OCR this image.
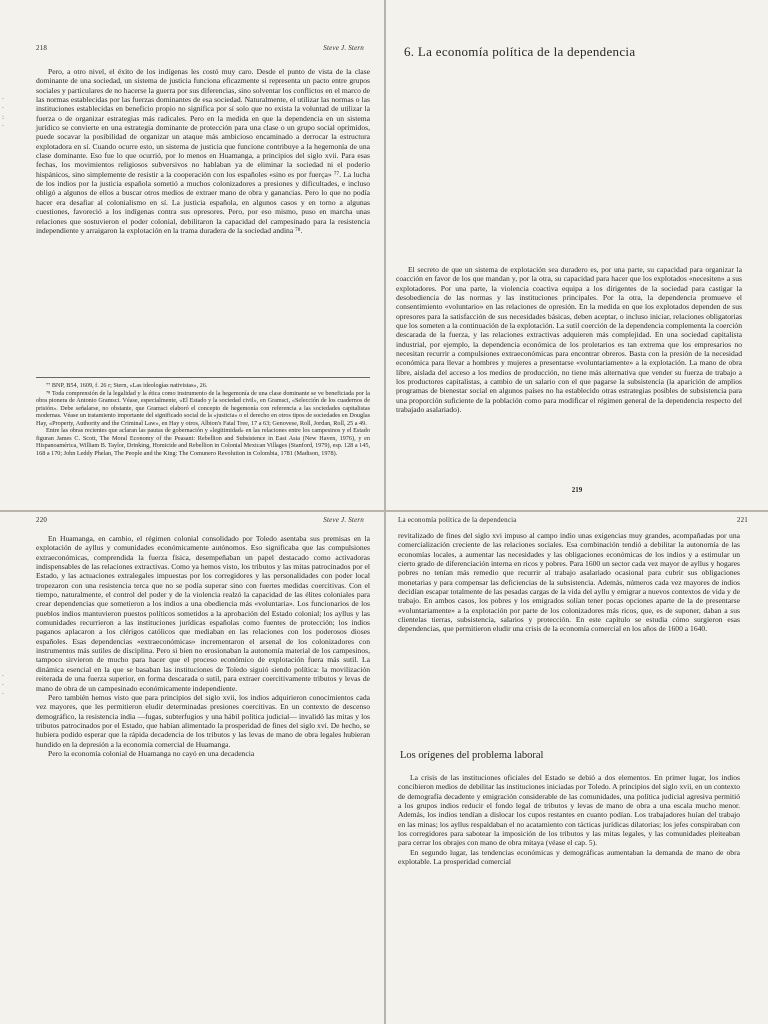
218	Steve J. Stern
·
·
:
·

Pero, a otro nivel, el éxito de los indígenas les costó muy caro. Desde el punto de vista de la clase dominante de una sociedad, un sistema de justicia funciona eficazmente si representa un pacto entre grupos sociales y particulares de no hacerse la guerra por sus diferencias, sino solventar los conflictos en el marco de las normas establecidas por las fuerzas dominantes de esa sociedad. Naturalmente, el utilizar las normas o las instituciones establecidas en beneficio propio no significa por sí solo que no exista la voluntad de utilizar la fuerza o de organizar estrategias más radicales. Pero en la medida en que la dependencia en un sistema jurídico se convierte en una estrategia dominante de protección para una clase o un grupo social oprimidos, puede socavar la posibilidad de organizar un ataque más ambicioso encaminado a derrocar la estructura explotadora en sí. Cuando ocurre esto, un sistema de justicia que funcione contribuye a la hegemonía de una clase dominante. Eso fue lo que ocurrió, por lo menos en Huamanga, a principios del siglo xvii. Para esas fechas, los movimientos religiosos subversivos no hablaban ya de eliminar la sociedad ni el poderío hispánicos, sino simplemente de resistir a la cooperación con los españoles «sino es por fuerça» ⁷⁷. La lucha de los indios por la justicia española sometió a muchos colonizadores a presiones y dificultades, e incluso obligó a algunos de ellos a buscar otros medios de extraer mano de obra y ganancias. Pero lo que no podía hacer era desafiar al colonialismo en sí. La justicia española, en algunos casos y en torno a algunas cuestiones, favoreció a los indígenas contra sus opresores. Pero, por eso mismo, puso en marcha unas relaciones que sostuvieron el poder colonial, debilitaron la capacidad del campesinado para la resistencia independiente y arraigaron la explotación en la trama duradera de la sociedad andina ⁷⁸.

⁷⁷ BNP, B54, 1609, f. 26 r; Stern, «Las ideologías nativistas», 26.

⁷⁸ Toda comprensión de la legalidad y la ética como instrumento de la hegemonía de una clase dominante se ve beneficiada por la obra pionera de Antonio Gramsci. Véase, especialmente, «El Estado y la sociedad civil», en Gramsci, «Selección de los cuadernos de prisión». Debe señalarse, no obstante, que Gramsci elaboró el concepto de hegemonía con referencia a las sociedades capitalistas modernas. Véase un tratamiento importante del significado social de la «justicia» o el derecho en otros tipos de sociedades en Douglas Hay, «Property, Authority and the Criminal Law», en Hay y otros, Albion's Fatal Tree, 17 a 63; Genovese, Roll, Jordan, Roll, 25 a 49.

Entre las obras recientes que aclaran las pautas de gobernación y «legitimidad» en las relaciones entre los campesinos y el Estado figuran James C. Scott, The Moral Economy of the Peasant: Rebellion and Subsistence in East Asia (New Haven, 1976), y en Hispanoamérica, William B. Taylor, Drinking, Homicide and Rebellion in Colonial Mexican Villages (Stanford, 1979), esp. 128 a 145, 168 a 170; John Leddy Phelan, The People and the King: The Comunero Revolution in Colombia, 1781 (Madison, 1978).

6. La economía política de la dependencia

El secreto de que un sistema de explotación sea duradero es, por una parte, su capacidad para organizar la coacción en favor de los que mandan y, por la otra, su capacidad para hacer que los explotados «necesiten» a sus explotadores. Por una parte, la violencia coactiva equipa a los dirigentes de la sociedad para castigar la desobediencia de las normas y las instituciones principales. Por la otra, la dependencia promueve el consentimiento «voluntario» en las relaciones de opresión. En la medida en que los explotados dependen de sus opresores para la satisfacción de sus necesidades básicas, deben aceptar, o incluso iniciar, relaciones obligatorias que los someten a la continuación de la explotación. La sutil coerción de la dependencia complementa la coerción descarada de la fuerza, y las relaciones extractivas adquieren más complejidad. En una sociedad capitalista industrial, por ejemplo, la dependencia económica de los proletarios es tan extrema que los empresarios no necesitan recurrir a compulsiones extraeconómicas para encontrar obreros. Basta con la presión de la necesidad económica para llevar a hombres y mujeres a presentarse «voluntariamente» a la explotación. La mano de obra libre, aislada del acceso a los medios de producción, no tiene más alternativa que vender su fuerza de trabajo a los productores capitalistas, a cambio de un salario con el que pagarse la subsistencia (la aparición de amplios programas de bienestar social en algunos países no ha establecido otras estrategias posibles de subsistencia para una proporción suficiente de la población como para modificar el régimen general de la dependencia respecto del trabajado asalariado).

219
220	Steve J. Stern
·
·
·

En Huamanga, en cambio, el régimen colonial consolidado por Toledo asentaba sus premisas en la explotación de ayllus y comunidades económicamente autónomos. Eso significaba que las compulsiones extraeconómicas, comprendida la fuerza física, desempeñaban un papel destacado como activadoras indispensables de las relaciones extractivas. Como ya hemos visto, los tributos y las mitas patrocinados por el Estado, y las actuaciones extralegales impuestas por los corregidores y las personalidades con poder local tropezaron con una resistencia terca que no se podía superar sino con fuertes medidas coercitivas. Con el tiempo, naturalmente, el control del poder y de la violencia realzó la capacidad de las élites coloniales para crear dependencias que sometieron a los indios a una obediencia más «voluntaria». Los funcionarios de los pueblos indios mantuvieron puestos políticos sometidos a la aprobación del Estado colonial; los ayllus y las comunidades recurrieron a las instituciones jurídicas españolas como fuentes de protección; los indios paganos aplacaron a los clérigos católicos que mediaban en las relaciones con los poderosos dioses españoles. Esas dependencias «extraeconómicas» incrementaron el arsenal de los colonizadores con instrumentos más sutiles de disciplina. Pero si bien no erosionaban la autonomía material de los campesinos, tampoco sirvieron de mucho para hacer que el proceso económico de explotación fuera más sutil. La dinámica esencial en la que se basaban las instituciones de Toledo siguió siendo política: la movilización reiterada de una fuerza superior, en forma descarada o sutil, para extraer coercitivamente tributos y levas de mano de obra de un campesinado económicamente independiente.

Pero también hemos visto que para principios del siglo xvii, los indios adquirieron conocimientos cada vez mayores, que les permitieron eludir determinadas presiones coercitivas. En un contexto de descenso demográfico, la resistencia india —fugas, subterfugios y una hábil política judicial— invalidó las mitas y los tributos patrocinados por el Estado, que habían alimentado la prosperidad de fines del siglo xvi. De hecho, se hubiera podido esperar que la rápida decadencia de los tributos y las levas de mano de obra legales hubieran hundido en la depresión a la economía comercial de Huamanga.

Pero la economía colonial de Huamanga no cayó en una decadencia

La economía política de la dependencia	221

revitalizado de fines del siglo xvi impuso al campo indio unas exigencias muy grandes, acompañadas por una comercialización creciente de las relaciones sociales. Esa combinación tendió a debilitar la autonomía de las economías locales, a aumentar las necesidades y las obligaciones económicas de los indios y a estimular un cierto grado de diferenciación interna en ricos y pobres. Para 1600 un sector cada vez mayor de ayllus y hogares pobres no tenían más remedio que recurrir al trabajo asalariado ocasional para cubrir sus obligaciones monetarias y para compensar las deficiencias de la subsistencia. Además, números cada vez mayores de indios decidían escapar totalmente de las pesadas cargas de la vida del ayllu y emigrar a nuevos contextos de vida y de trabajo. En ambos casos, los pobres y los emigrados solían tener pocas opciones aparte de la de presentarse «voluntariamente» a la explotación por parte de los colonizadores más ricos, que, es de suponer, daban a sus clientelas tierras, subsistencia, salarios y protección. En este capítulo se estudia cómo surgieron esas dependencias, que permitieron eludir una crisis de la economía comercial en los años de 1600 a 1640.

Los orígenes del problema laboral

La crisis de las instituciones oficiales del Estado se debió a dos elementos. En primer lugar, los indios concibieron medios de debilitar las instituciones iniciadas por Toledo. A principios del siglo xvii, en un contexto de demografía decadente y emigración considerable de las comunidades, una política judicial agresiva permitió a los grupos indios reducir el fondo legal de tributos y levas de mano de obra a una escala mucho menor. Además, los indios tendían a dislocar los cupos restantes en cuanto podían. Los trabajadores huían del trabajo en las minas; los ayllus respaldaban el no acatamiento con tácticas jurídicas dilatorias; los jefes conspiraban con los corregidores para sabotear la imposición de los tributos y las mitas legales, y las comunidades pleiteaban para cerrar los obrajes con mano de obra mitaya (véase el cap. 5).

En segundo lugar, las tendencias económicas y demográficas aumentaban la demanda de mano de obra explotable. La prosperidad comercial
